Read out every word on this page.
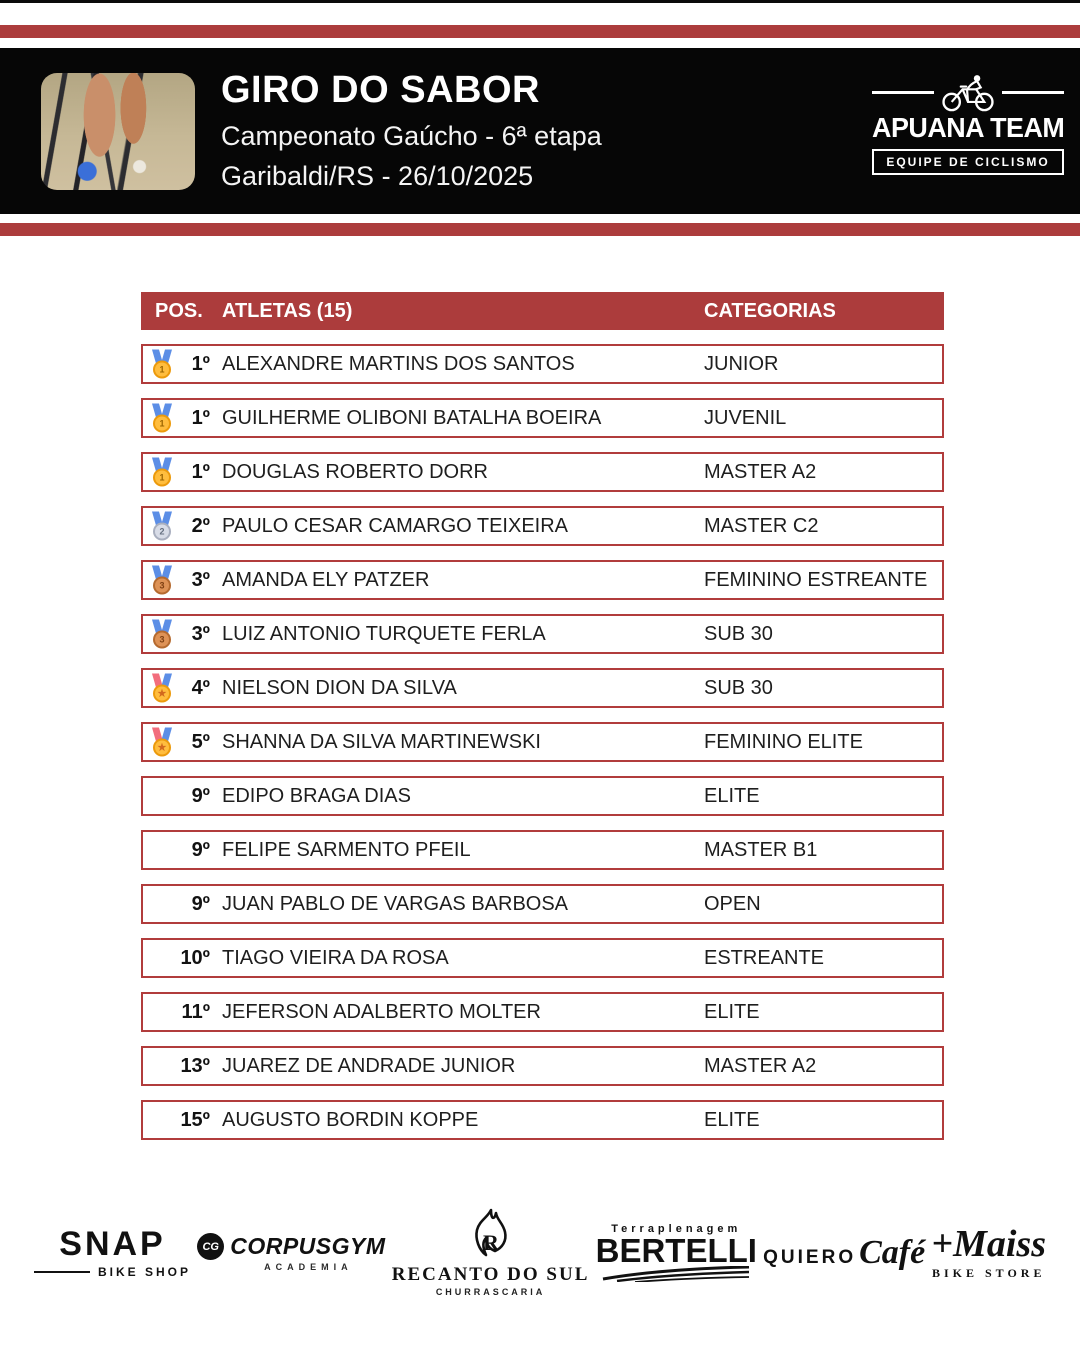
GIRO DO SABOR
Campeonato Gaúcho - 6ª etapa
Garibaldi/RS - 26/10/2025
APUANA TEAM
EQUIPE DE CICLISMO
POS. ATLETAS (15)	CATEGORIAS
1	1º ALEXANDRE MARTINS DOS SANTOS	JUNIOR
1	1º GUILHERME OLIBONI BATALHA BOEIRA	JUVENIL
1	1º DOUGLAS ROBERTO DORR	MASTER A2
2	2º PAULO CESAR CAMARGO TEIXEIRA	MASTER C2
3	3º AMANDA ELY PATZER	FEMININO ESTREANTE
3	3º LUIZ ANTONIO TURQUETE FERLA	SUB 30
★ 4º NIELSON DION DA SILVA	SUB 30
★ 5º SHANNA DA SILVA MARTINEWSKI	FEMININO ELITE
9º EDIPO BRAGA DIAS	ELITE
9º FELIPE SARMENTO PFEIL	MASTER B1
9º JUAN PABLO DE VARGAS BARBOSA	OPEN
10º TIAGO VIEIRA DA ROSA	ESTREANTE
11º JEFERSON ADALBERTO MOLTER	ELITE
13º JUAREZ DE ANDRADE JUNIOR	MASTER A2
15º AUGUSTO BORDIN KOPPE	ELITE
SNAP
BIKE SHOP
CG CORPUSGYM
ACADEMIA
R
RECANTO DO SUL
CHURRASCARIA
Terraplenagem
BERTELLI QUIERO Café +Maiss
BIKE STORE
